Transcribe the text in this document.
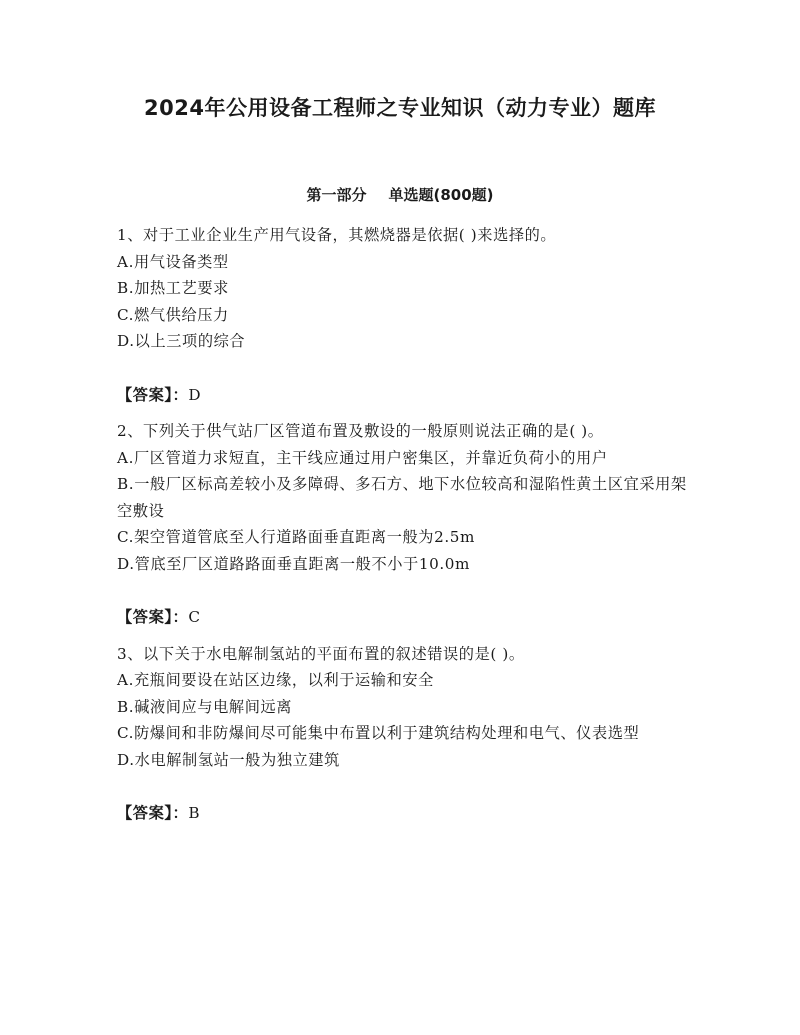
2024年公用设备工程师之专业知识（动力专业）题库
第一部分 单选题(800题)

1、对于工业企业生产用气设备，其燃烧器是依据( )来选择的。

A.用气设备类型

B.加热工艺要求

C.燃气供给压力

D.以上三项的综合

【答案】：D

2、下列关于供气站厂区管道布置及敷设的一般原则说法正确的是( )。

A.厂区管道力求短直，主干线应通过用户密集区，并靠近负荷小的用户

B.一般厂区标高差较小及多障碍、多石方、地下水位较高和湿陷性黄土区宜采用架空敷设

C.架空管道管底至人行道路面垂直距离一般为2.5m

D.管底至厂区道路路面垂直距离一般不小于10.0m

【答案】：C

3、以下关于水电解制氢站的平面布置的叙述错误的是( )。

A.充瓶间要设在站区边缘，以利于运输和安全

B.碱液间应与电解间远离

C.防爆间和非防爆间尽可能集中布置以利于建筑结构处理和电气、仪表选型

D.水电解制氢站一般为独立建筑

【答案】：B
